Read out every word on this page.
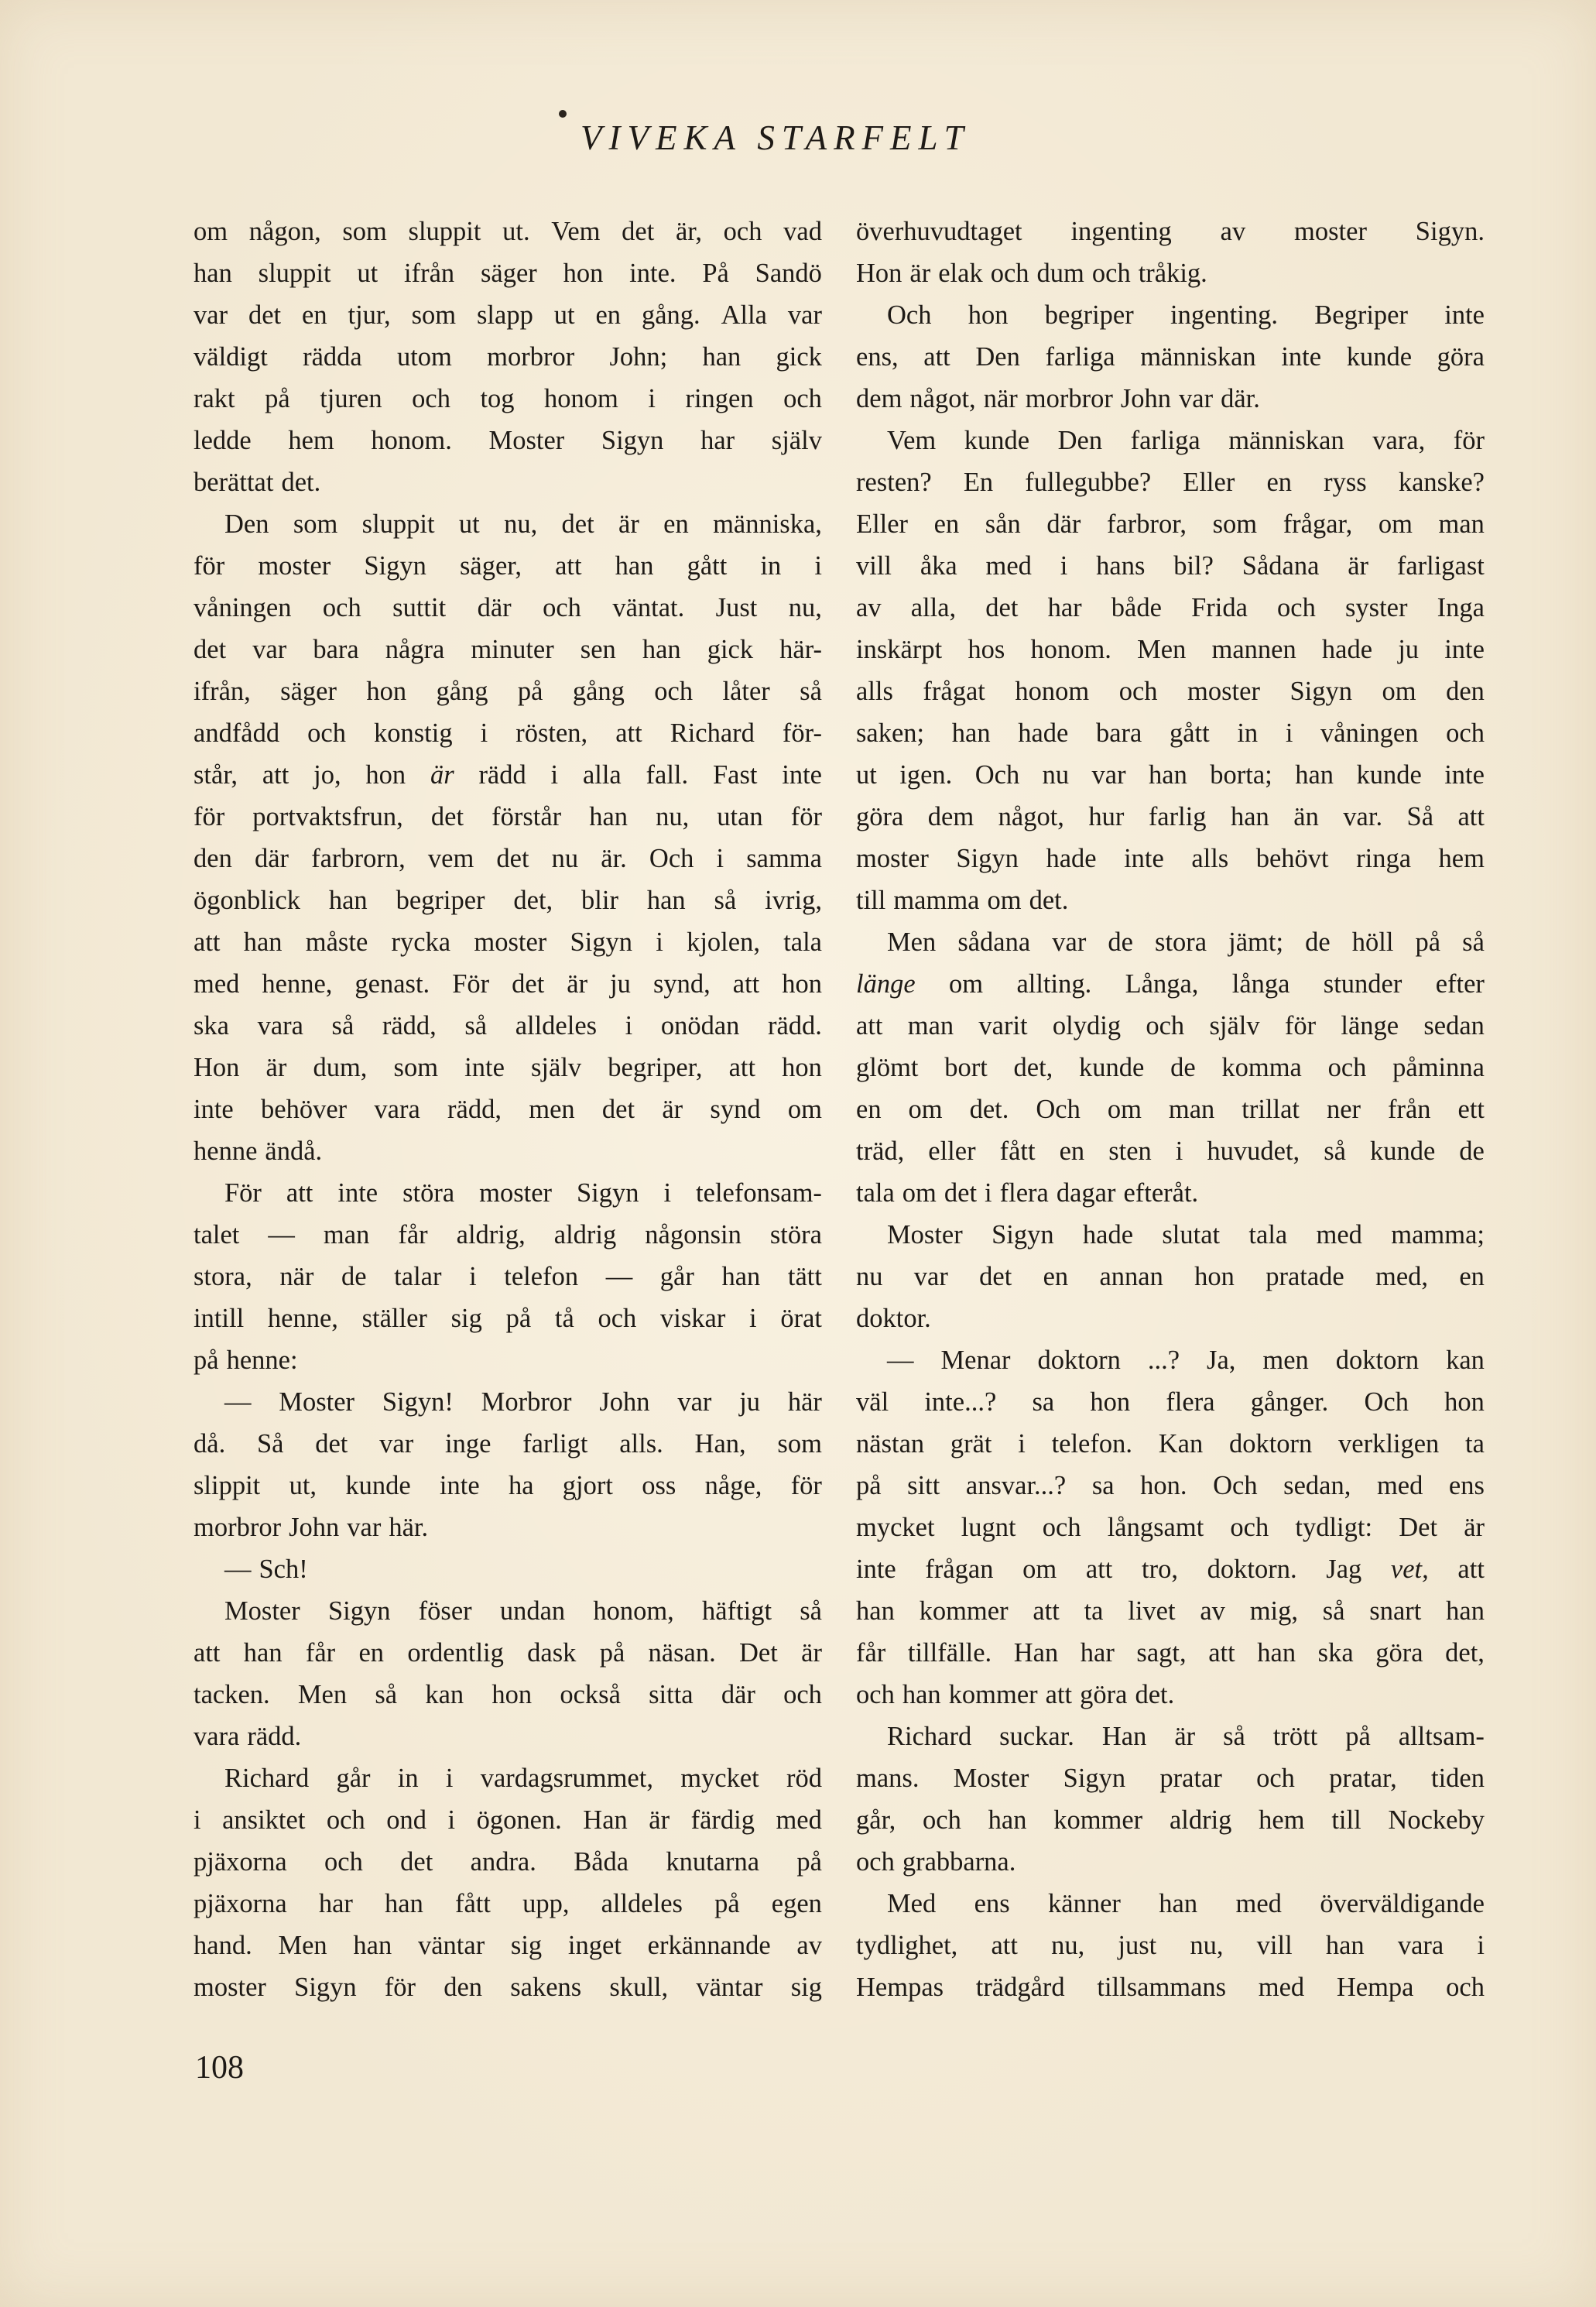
VIVEKA STARFELT
om någon, som sluppit ut. Vem det är, och vad
han sluppit ut ifrån säger hon inte. På Sandö
var det en tjur, som slapp ut en gång. Alla var
väldigt rädda utom morbror John; han gick
rakt på tjuren och tog honom i ringen och
ledde hem honom. Moster Sigyn har själv
berättat det.
Den som sluppit ut nu, det är en människa,
för moster Sigyn säger, att han gått in i
våningen och suttit där och väntat. Just nu,
det var bara några minuter sen han gick här-
ifrån, säger hon gång på gång och låter så
andfådd och konstig i rösten, att Richard för-
står, att jo, hon är rädd i alla fall. Fast inte
för portvaktsfrun, det förstår han nu, utan för
den där farbrorn, vem det nu är. Och i samma
ögonblick han begriper det, blir han så ivrig,
att han måste rycka moster Sigyn i kjolen, tala
med henne, genast. För det är ju synd, att hon
ska vara så rädd, så alldeles i onödan rädd.
Hon är dum, som inte själv begriper, att hon
inte behöver vara rädd, men det är synd om
henne ändå.
För att inte störa moster Sigyn i telefonsam-
talet — man får aldrig, aldrig någonsin störa
stora, när de talar i telefon — går han tätt
intill henne, ställer sig på tå och viskar i örat
på henne:
— Moster Sigyn! Morbror John var ju här
då. Så det var inge farligt alls. Han, som
slippit ut, kunde inte ha gjort oss någe, för
morbror John var här.
— Sch!
Moster Sigyn föser undan honom, häftigt så
att han får en ordentlig dask på näsan. Det är
tacken. Men så kan hon också sitta där och
vara rädd.
Richard går in i vardagsrummet, mycket röd
i ansiktet och ond i ögonen. Han är färdig med
pjäxorna och det andra. Båda knutarna på
pjäxorna har han fått upp, alldeles på egen
hand. Men han väntar sig inget erkännande av
moster Sigyn för den sakens skull, väntar sig
överhuvudtaget ingenting av moster Sigyn.
Hon är elak och dum och tråkig.
Och hon begriper ingenting. Begriper inte
ens, att Den farliga människan inte kunde göra
dem något, när morbror John var där.
Vem kunde Den farliga människan vara, för
resten? En fullegubbe? Eller en ryss kanske?
Eller en sån där farbror, som frågar, om man
vill åka med i hans bil? Sådana är farligast
av alla, det har både Frida och syster Inga
inskärpt hos honom. Men mannen hade ju inte
alls frågat honom och moster Sigyn om den
saken; han hade bara gått in i våningen och
ut igen. Och nu var han borta; han kunde inte
göra dem något, hur farlig han än var. Så att
moster Sigyn hade inte alls behövt ringa hem
till mamma om det.
Men sådana var de stora jämt; de höll på så
länge om allting. Långa, långa stunder efter
att man varit olydig och själv för länge sedan
glömt bort det, kunde de komma och påminna
en om det. Och om man trillat ner från ett
träd, eller fått en sten i huvudet, så kunde de
tala om det i flera dagar efteråt.
Moster Sigyn hade slutat tala med mamma;
nu var det en annan hon pratade med, en
doktor.
— Menar doktorn ...? Ja, men doktorn kan
väl inte...? sa hon flera gånger. Och hon
nästan grät i telefon. Kan doktorn verkligen ta
på sitt ansvar...? sa hon. Och sedan, med ens
mycket lugnt och långsamt och tydligt: Det är
inte frågan om att tro, doktorn. Jag vet, att
han kommer att ta livet av mig, så snart han
får tillfälle. Han har sagt, att han ska göra det,
och han kommer att göra det.
Richard suckar. Han är så trött på alltsam-
mans. Moster Sigyn pratar och pratar, tiden
går, och han kommer aldrig hem till Nockeby
och grabbarna.
Med ens känner han med överväldigande
tydlighet, att nu, just nu, vill han vara i
Hempas trädgård tillsammans med Hempa och
108
